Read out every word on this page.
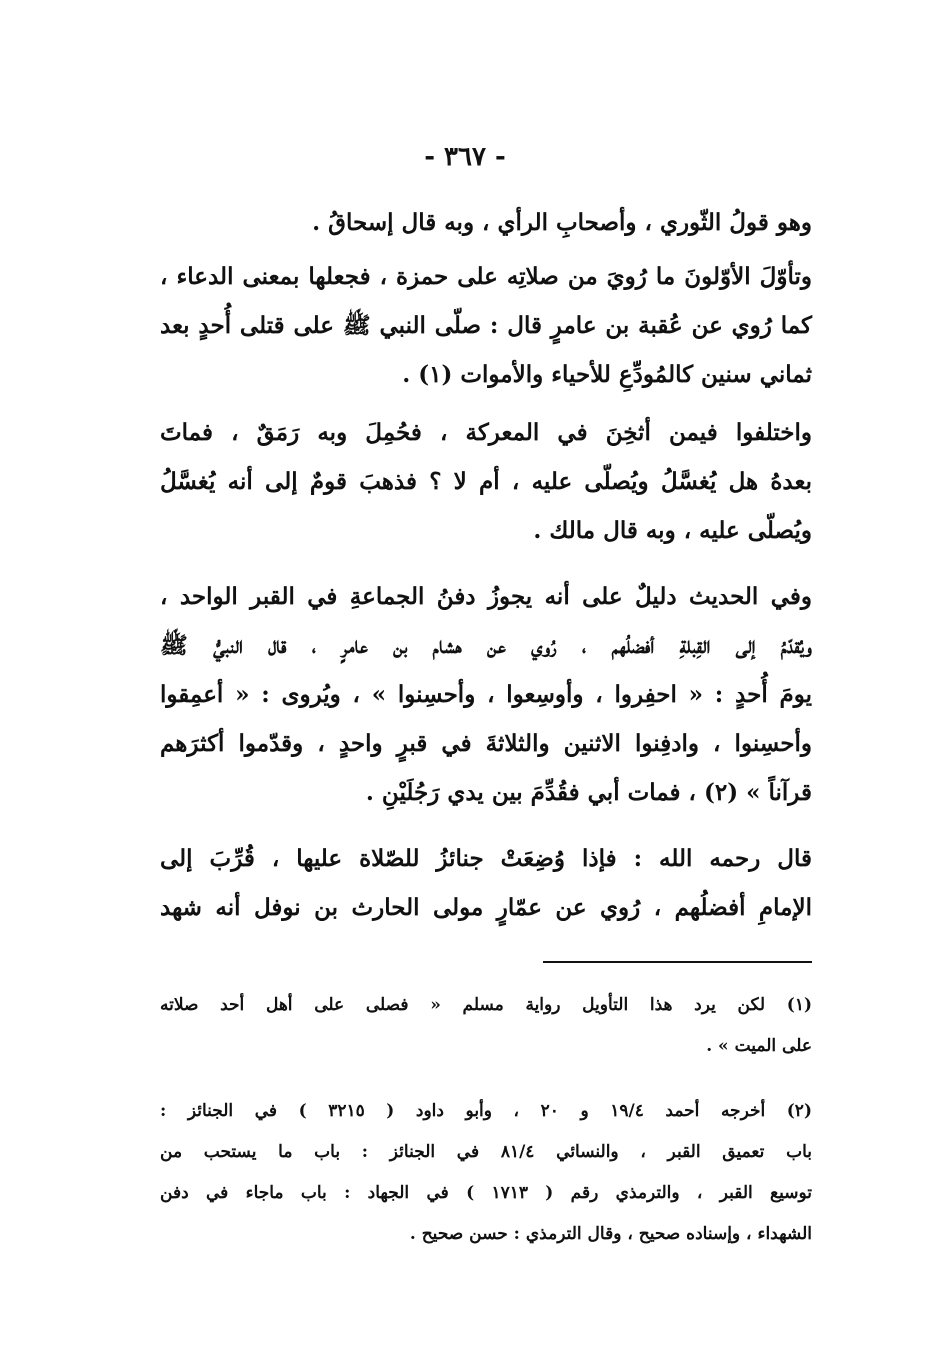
- ٣٦٧ -
وهو قولُ الثّوري ، وأصحابِ الرأي ، وبه قال إسحاقُ .
وتأوّلَ الأوّلونَ ما رُويَ من صلاتِه على حمزة ، فجعلها بمعنى الدعاء ،
كما رُوي عن عُقبة بن عامرٍ قال : صلّى النبي ﷺ على قتلى أُحدٍ بعد
ثماني سنين كالمُودِّعِ للأحياء والأموات (١) .
واختلفوا فيمن أثخِنَ في المعركة ، فحُمِلَ وبه رَمَقٌ ، فماتَ
بعدهُ هل يُغسَّلُ ويُصلّى عليه ، أم لا ؟ فذهبَ قومٌ إلى أنه يُغسَّلُ
ويُصلّى عليه ، وبه قال مالك .
وفي الحديث دليلٌ على أنه يجوزُ دفنُ الجماعةِ في القبر الواحد ،
ويُقدّمُ إلى القِبلةِ أفضلُهم ، رُوي عن هشام بن عامرٍ ، قال النبيُّ ﷺ
يومَ أُحدٍ : « احفِروا ، وأوسِعوا ، وأحسِنوا » ، ويُروى : « أعمِقوا
وأحسِنوا ، وادفِنوا الاثنين والثلاثةَ في قبرٍ واحدٍ ، وقدّموا أكثرَهم
قرآناً » (٢) ، فمات أبي فقُدِّمَ بين يدي رَجُلَيْنِ .
قال رحمه الله : فإذا وُضِعَتْ جنائزُ للصّلاة عليها ، قُرِّبَ إلى
الإمامِ أفضلُهم ، رُوي عن عمّارٍ مولى الحارث بن نوفل أنه شهد
(١) لكن يرد هذا التأويل رواية مسلم « فصلى على أهل أحد صلاته
على الميت » .
(٢) أخرجه أحمد ١٩/٤ و ٢٠ ، وأبو داود ( ٣٢١٥ ) في الجنائز :
باب تعميق القبر ، والنسائي ٨١/٤ في الجنائز : باب ما يستحب من
توسيع القبر ، والترمذي رقم ( ١٧١٣ ) في الجهاد : باب ماجاء في دفن
الشهداء ، وإسناده صحيح ، وقال الترمذي : حسن صحيح .
